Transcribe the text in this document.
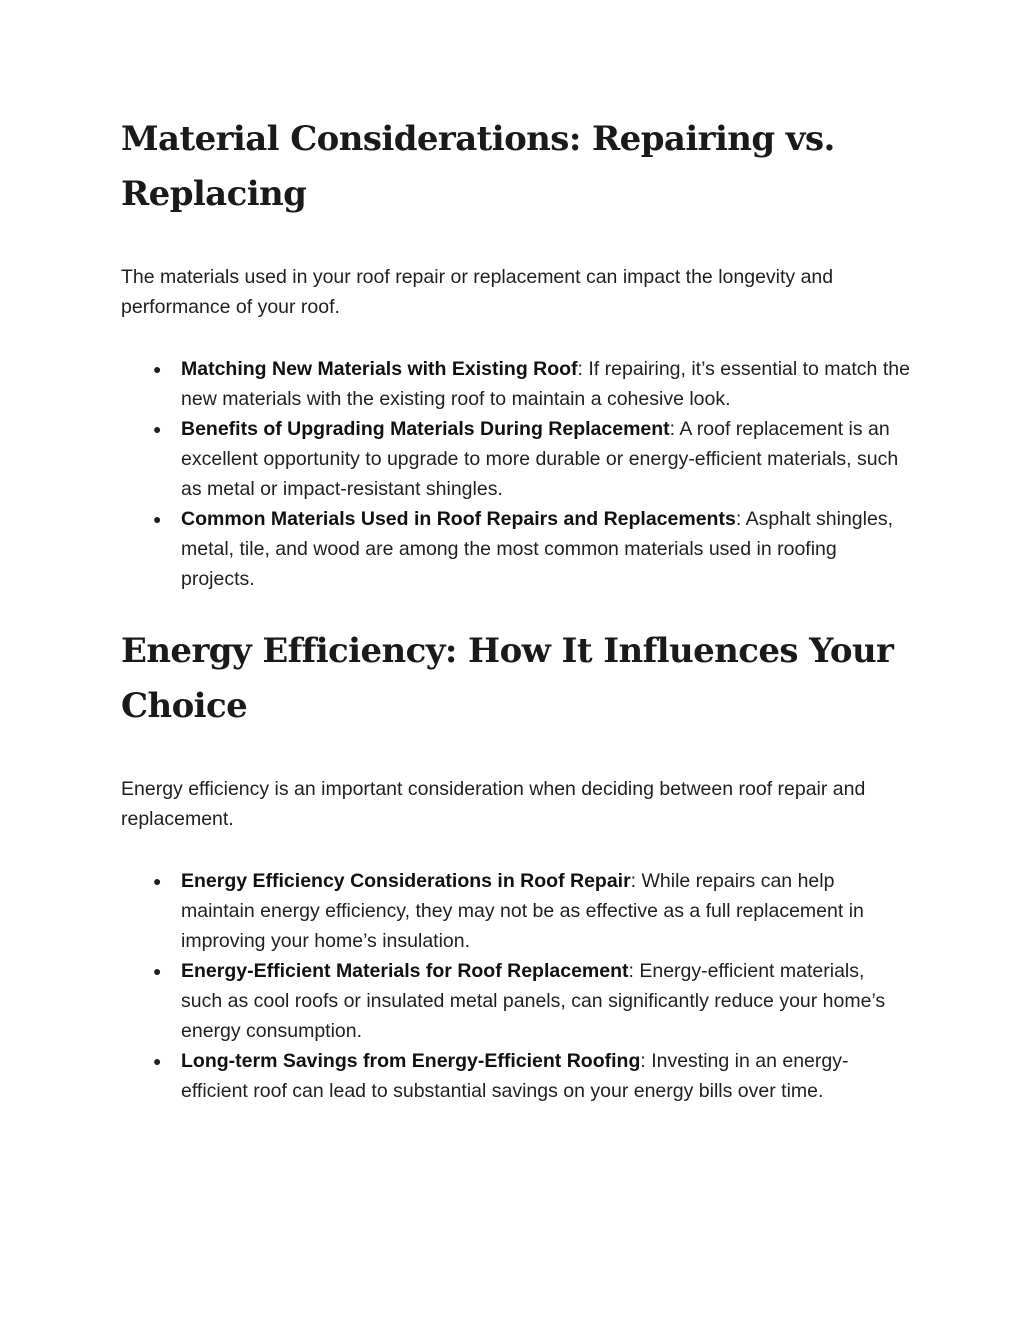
Material Considerations: Repairing vs. Replacing

The materials used in your roof repair or replacement can impact the longevity and performance of your roof.

● Matching New Materials with Existing Roof: If repairing, it’s essential to match the new materials with the existing roof to maintain a cohesive look.
● Benefits of Upgrading Materials During Replacement: A roof replacement is an excellent opportunity to upgrade to more durable or energy-efficient materials, such as metal or impact-resistant shingles.
● Common Materials Used in Roof Repairs and Replacements: Asphalt shingles, metal, tile, and wood are among the most common materials used in roofing projects.
Energy Efficiency: How It Influences Your Choice

Energy efficiency is an important consideration when deciding between roof repair and replacement.

● Energy Efficiency Considerations in Roof Repair: While repairs can help maintain energy efficiency, they may not be as effective as a full replacement in improving your home’s insulation.
● Energy-Efficient Materials for Roof Replacement: Energy-efficient materials, such as cool roofs or insulated metal panels, can significantly reduce your home’s energy consumption.
● Long-term Savings from Energy-Efficient Roofing: Investing in an energy-efficient roof can lead to substantial savings on your energy bills over time.
